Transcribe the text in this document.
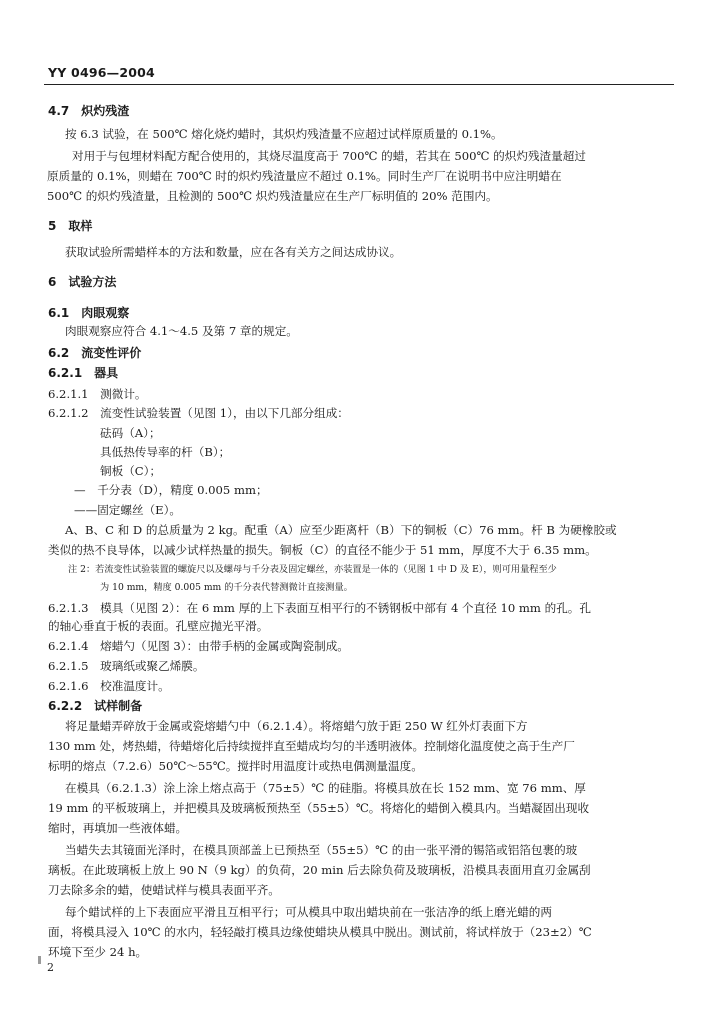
YY 0496—2004
4.7　炽灼残渣
按 6.3 试验，在 500℃ 熔化烧灼蜡时，其炽灼残渣量不应超过试样原质量的 0.1%。
对用于与包埋材料配方配合使用的，其烧尽温度高于 700℃ 的蜡，若其在 500℃ 的炽灼残渣量超过
原质量的 0.1%，则蜡在 700℃ 时的炽灼残渣量应不超过 0.1%。同时生产厂在说明书中应注明蜡在
500℃ 的炽灼残渣量，且检测的 500℃ 炽灼残渣量应在生产厂标明值的 20% 范围内。
5　取样
获取试验所需蜡样本的方法和数量，应在各有关方之间达成协议。
6　试验方法
6.1　肉眼观察
肉眼观察应符合 4.1～4.5 及第 7 章的规定。
6.2　流变性评价
6.2.1　器具
6.2.1.1　测微计。
6.2.1.2　流变性试验装置（见图 1），由以下几部分组成：
砝码（A）；
具低热传导率的杆（B）；
铜板（C）；
—　千分表（D），精度 0.005 mm；
——固定螺丝（E）。
A、B、C 和 D 的总质量为 2 kg。配重（A）应至少距离杆（B）下的铜板（C）76 mm。杆 B 为硬橡胶或
类似的热不良导体，以减少试样热量的损失。铜板（C）的直径不能少于 51 mm，厚度不大于 6.35 mm。
注 2：若流变性试验装置的螺旋尺以及螺母与千分表及固定螺丝，亦装置是一体的（见图 1 中 D 及 E），则可用量程至少
为 10 mm，精度 0.005 mm 的千分表代替测微计直接测量。
6.2.1.3　模具（见图 2）：在 6 mm 厚的上下表面互相平行的不锈钢板中部有 4 个直径 10 mm 的孔。孔
的轴心垂直于板的表面。孔壁应抛光平滑。
6.2.1.4　熔蜡勺（见图 3）：由带手柄的金属或陶瓷制成。
6.2.1.5　玻璃纸或聚乙烯膜。
6.2.1.6　校准温度计。
6.2.2　试样制备
将足量蜡弄碎放于金属或瓷熔蜡勺中（6.2.1.4）。将熔蜡勺放于距 250 W 红外灯表面下方
130 mm 处，烤热蜡，待蜡熔化后持续搅拌直至蜡成均匀的半透明液体。控制熔化温度使之高于生产厂
标明的熔点（7.2.6）50℃～55℃。搅拌时用温度计或热电偶测量温度。
在模具（6.2.1.3）涂上涂上熔点高于（75±5）℃ 的硅脂。将模具放在长 152 mm、宽 76 mm、厚
19 mm 的平板玻璃上，并把模具及玻璃板预热至（55±5）℃。将熔化的蜡倒入模具内。当蜡凝固出现收
缩时，再填加一些液体蜡。
当蜡失去其镜面光泽时，在模具顶部盖上已预热至（55±5）℃ 的由一张平滑的锡箔或铝箔包裹的玻
璃板。在此玻璃板上放上 90 N（9 kg）的负荷，20 min 后去除负荷及玻璃板，沿模具表面用直刃金属刮
刀去除多余的蜡，使蜡试样与模具表面平齐。
每个蜡试样的上下表面应平滑且互相平行；可从模具中取出蜡块前在一张洁净的纸上磨光蜡的两
面，将模具浸入 10℃ 的水内，轻轻敲打模具边缘使蜡块从模具中脱出。测试前，将试样放于（23±2）℃
环境下至少 24 h。
2
